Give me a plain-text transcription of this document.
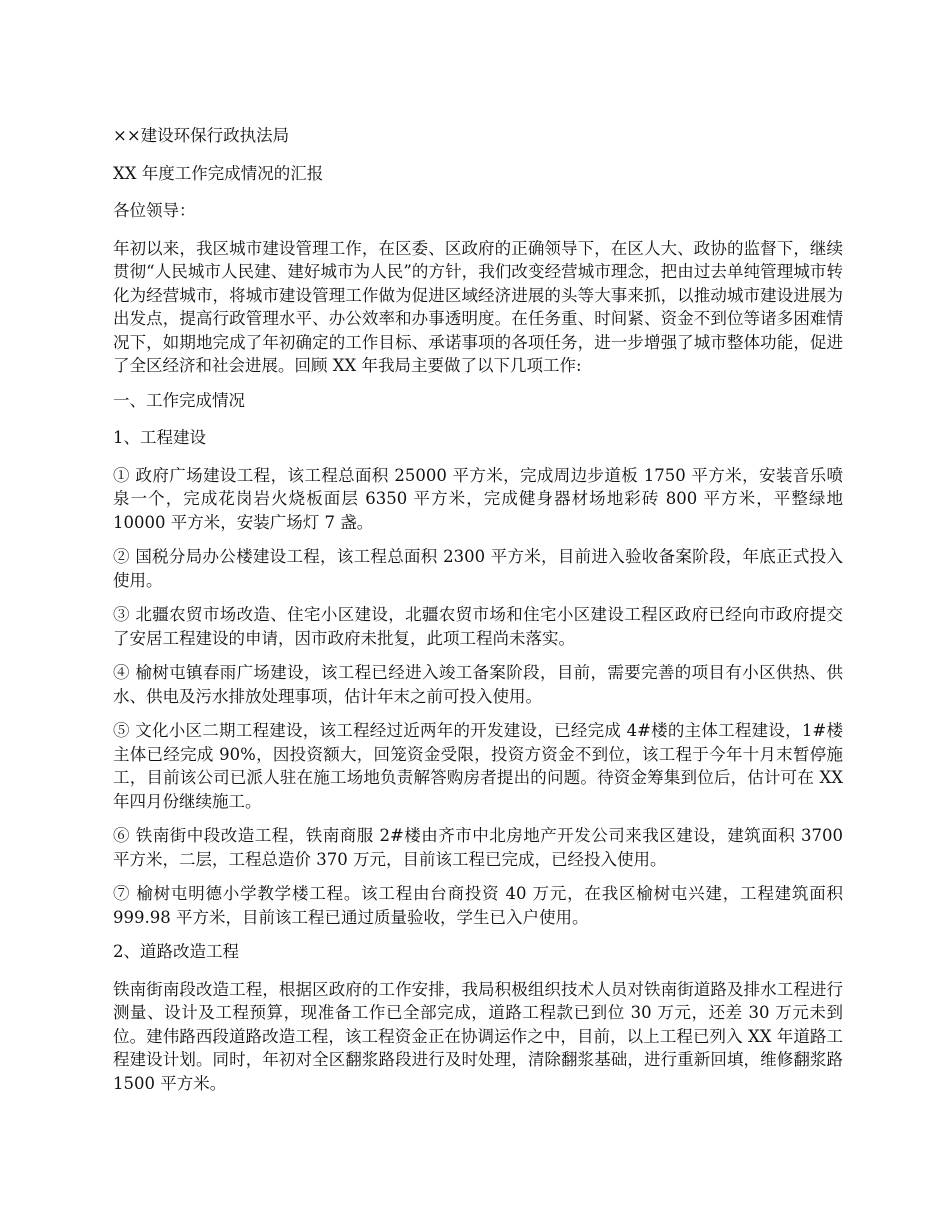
××建设环保行政执法局

XX 年度工作完成情况的汇报

各位领导：

年初以来，我区城市建设管理工作，在区委、区政府的正确领导下，在区人大、政协的监督下，继续贯彻“人民城市人民建、建好城市为人民”的方针，我们改变经营城市理念，把由过去单纯管理城市转化为经营城市，将城市建设管理工作做为促进区域经济进展的头等大事来抓，以推动城市建设进展为出发点，提高行政管理水平、办公效率和办事透明度。在任务重、时间紧、资金不到位等诸多困难情况下，如期地完成了年初确定的工作目标、承诺事项的各项任务，进一步增强了城市整体功能，促进了全区经济和社会进展。回顾 XX 年我局主要做了以下几项工作:

一、工作完成情况

1、工程建设

① 政府广场建设工程，该工程总面积 25000 平方米，完成周边步道板 1750 平方米，安装音乐喷泉一个，完成花岗岩火烧板面层 6350 平方米，完成健身器材场地彩砖 800 平方米，平整绿地 10000 平方米，安装广场灯 7 盏。

② 国税分局办公楼建设工程，该工程总面积 2300 平方米，目前进入验收备案阶段，年底正式投入使用。

③ 北疆农贸市场改造、住宅小区建设，北疆农贸市场和住宅小区建设工程区政府已经向市政府提交了安居工程建设的申请，因市政府未批复，此项工程尚未落实。

④ 榆树屯镇春雨广场建设，该工程已经进入竣工备案阶段，目前，需要完善的项目有小区供热、供水、供电及污水排放处理事项，估计年末之前可投入使用。

⑤ 文化小区二期工程建设，该工程经过近两年的开发建设，已经完成 4#楼的主体工程建设，1#楼主体已经完成 90%，因投资额大，回笼资金受限，投资方资金不到位，该工程于今年十月末暂停施工，目前该公司已派人驻在施工场地负责解答购房者提出的问题。待资金筹集到位后，估计可在 XX 年四月份继续施工。

⑥ 铁南街中段改造工程，铁南商服 2#楼由齐市中北房地产开发公司来我区建设，建筑面积 3700 平方米，二层，工程总造价 370 万元，目前该工程已完成，已经投入使用。

⑦ 榆树屯明德小学教学楼工程。该工程由台商投资 40 万元，在我区榆树屯兴建，工程建筑面积 999.98 平方米，目前该工程已通过质量验收，学生已入户使用。

2、道路改造工程

铁南街南段改造工程，根据区政府的工作安排，我局积极组织技术人员对铁南街道路及排水工程进行测量、设计及工程预算，现准备工作已全部完成，道路工程款已到位 30 万元，还差 30 万元未到位。建伟路西段道路改造工程，该工程资金正在协调运作之中，目前，以上工程已列入 XX 年道路工程建设计划。同时，年初对全区翻浆路段进行及时处理，清除翻浆基础，进行重新回填，维修翻浆路 1500 平方米。
